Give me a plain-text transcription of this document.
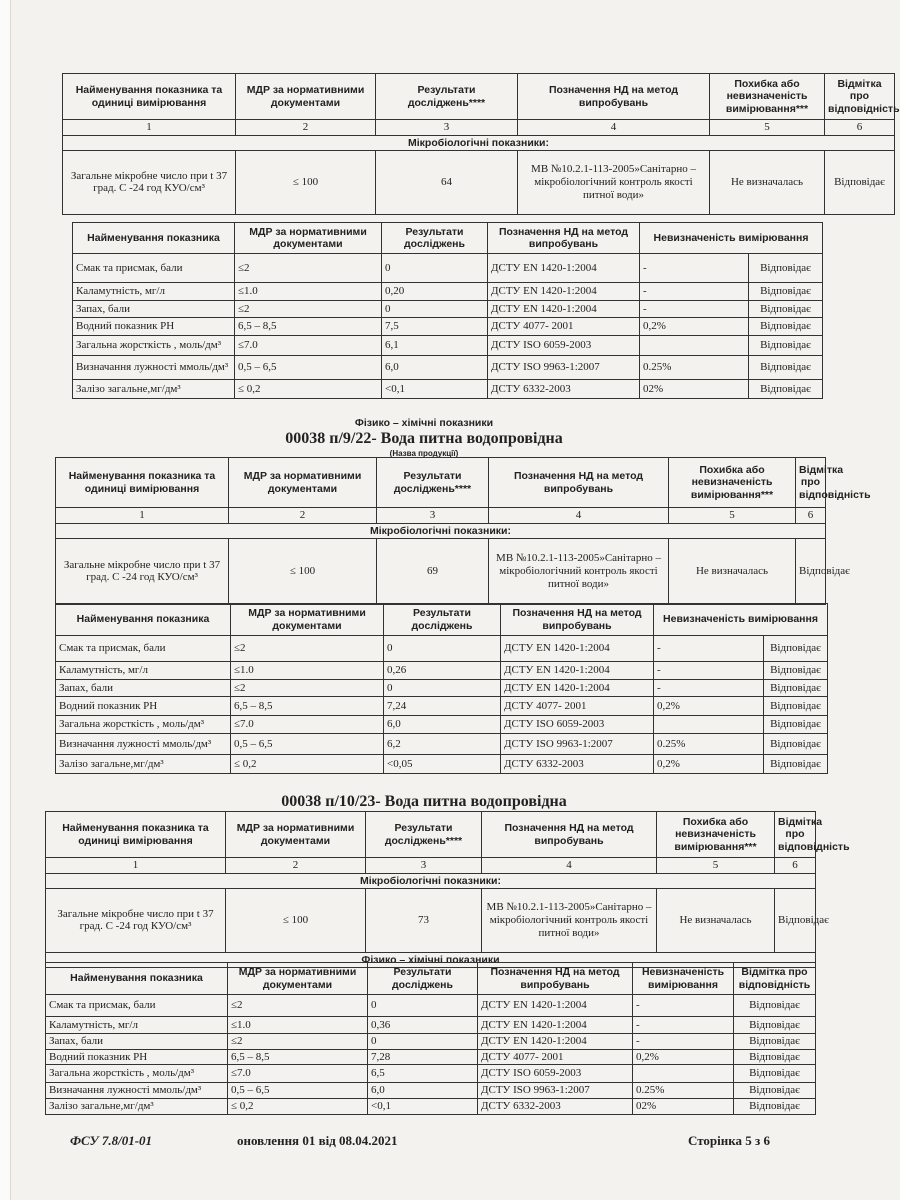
Найменування показника та одиниці вимірювання	МДР за нормативними документами	Результати досліджень****	Позначення НД на метод випробувань	Похибка або невизначеність вимірювання***	Відмітка про відповідність
1	2	3	4	5	6
Мікробіологічні показники:					
Загальне мікробне число при t 37 град. С -24 год КУО/см³	≤ 100	64	МВ №10.2.1-113-2005»Санітарно – мікробіологічний контроль якості питної води»	Не визначалась	Відповідає
Найменування показника	МДР за нормативними документами	Результати досліджень	Позначення НД на метод випробувань	Невизначеність вимірювання	
Смак та присмак, бали	≤2	0	ДСТУ EN 1420-1:2004	-	Відповідає
Каламутність, мг/л	≤1.0	0,20	ДСТУ EN 1420-1:2004	-	Відповідає
Запах, бали	≤2	0	ДСТУ EN 1420-1:2004	-	Відповідає
Водний показник РН	6,5 – 8,5	7,5	ДСТУ 4077- 2001	0,2%	Відповідає
Загальна жорсткість , моль/дм³	≤7.0	6,1	ДСТУ ISO 6059-2003		Відповідає
Визначання лужності ммоль/дм³	0,5 – 6,5	6,0	ДСТУ ISO 9963-1:2007	0.25%	Відповідає
Залізо загальне,мг/дм³	≤ 0,2	<0,1	ДСТУ 6332-2003	02%	Відповідає
Фізико – хімічні показники
00038 п/9/22- Вода питна водопровідна
(Назва продукції)
Найменування показника та одиниці вимірювання	МДР за нормативними документами	Результати досліджень****	Позначення НД на метод випробувань	Похибка або невизначеність вимірювання***	Відмітка про відповідність
1	2	3	4	5	6
Мікробіологічні показники:					
Загальне мікробне число при t 37 град. С -24 год КУО/см³	≤ 100	69	МВ №10.2.1-113-2005»Санітарно – мікробіологічний контроль якості питної води»	Не визначалась	Відповідає
Найменування показника	МДР за нормативними документами	Результати досліджень	Позначення НД на метод випробувань	Невизначеність вимірювання	
Смак та присмак, бали	≤2	0	ДСТУ EN 1420-1:2004	-	Відповідає
Каламутність, мг/л	≤1.0	0,26	ДСТУ EN 1420-1:2004	-	Відповідає
Запах, бали	≤2	0	ДСТУ EN 1420-1:2004	-	Відповідає
Водний показник РН	6,5 – 8,5	7,24	ДСТУ 4077- 2001	0,2%	Відповідає
Загальна жорсткість , моль/дм³	≤7.0	6,0	ДСТУ ISO 6059-2003		Відповідає
Визначання лужності ммоль/дм³	0,5 – 6,5	6,2	ДСТУ ISO 9963-1:2007	0.25%	Відповідає
Залізо загальне,мг/дм³	≤ 0,2	<0,05	ДСТУ 6332-2003	0,2%	Відповідає
00038 п/10/23- Вода питна водопровідна
Найменування показника та одиниці вимірювання	МДР за нормативними документами	Результати досліджень****	Позначення НД на метод випробувань	Похибка або невизначеність вимірювання***	Відмітка про відповідність
1	2	3	4	5	6
Мікробіологічні показники:					
Загальне мікробне число при t 37 град. С -24 год КУО/см³	≤ 100	73	МВ №10.2.1-113-2005»Санітарно – мікробіологічний контроль якості питної води»	Не визначалась	Відповідає
Фізико – хімічні показники					
Найменування показника	МДР за нормативними документами	Результати досліджень	Позначення НД на метод випробувань	Невизначеність вимірювання	Відмітка про відповідність
Смак та присмак, бали	≤2	0	ДСТУ EN 1420-1:2004	-	Відповідає
Каламутність, мг/л	≤1.0	0,36	ДСТУ EN 1420-1:2004	-	Відповідає
Запах, бали	≤2	0	ДСТУ EN 1420-1:2004	-	Відповідає
Водний показник РН	6,5 – 8,5	7,28	ДСТУ 4077- 2001	0,2%	Відповідає
Загальна жорсткість , моль/дм³	≤7.0	6,5	ДСТУ ISO 6059-2003		Відповідає
Визначання лужності ммоль/дм³	0,5 – 6,5	6,0	ДСТУ ISO 9963-1:2007	0.25%	Відповідає
Залізо загальне,мг/дм³	≤ 0,2	<0,1	ДСТУ 6332-2003	02%	Відповідає
ФСУ 7.8/01-01	оновлення 01 від 08.04.2021	Сторінка 5 з 6
